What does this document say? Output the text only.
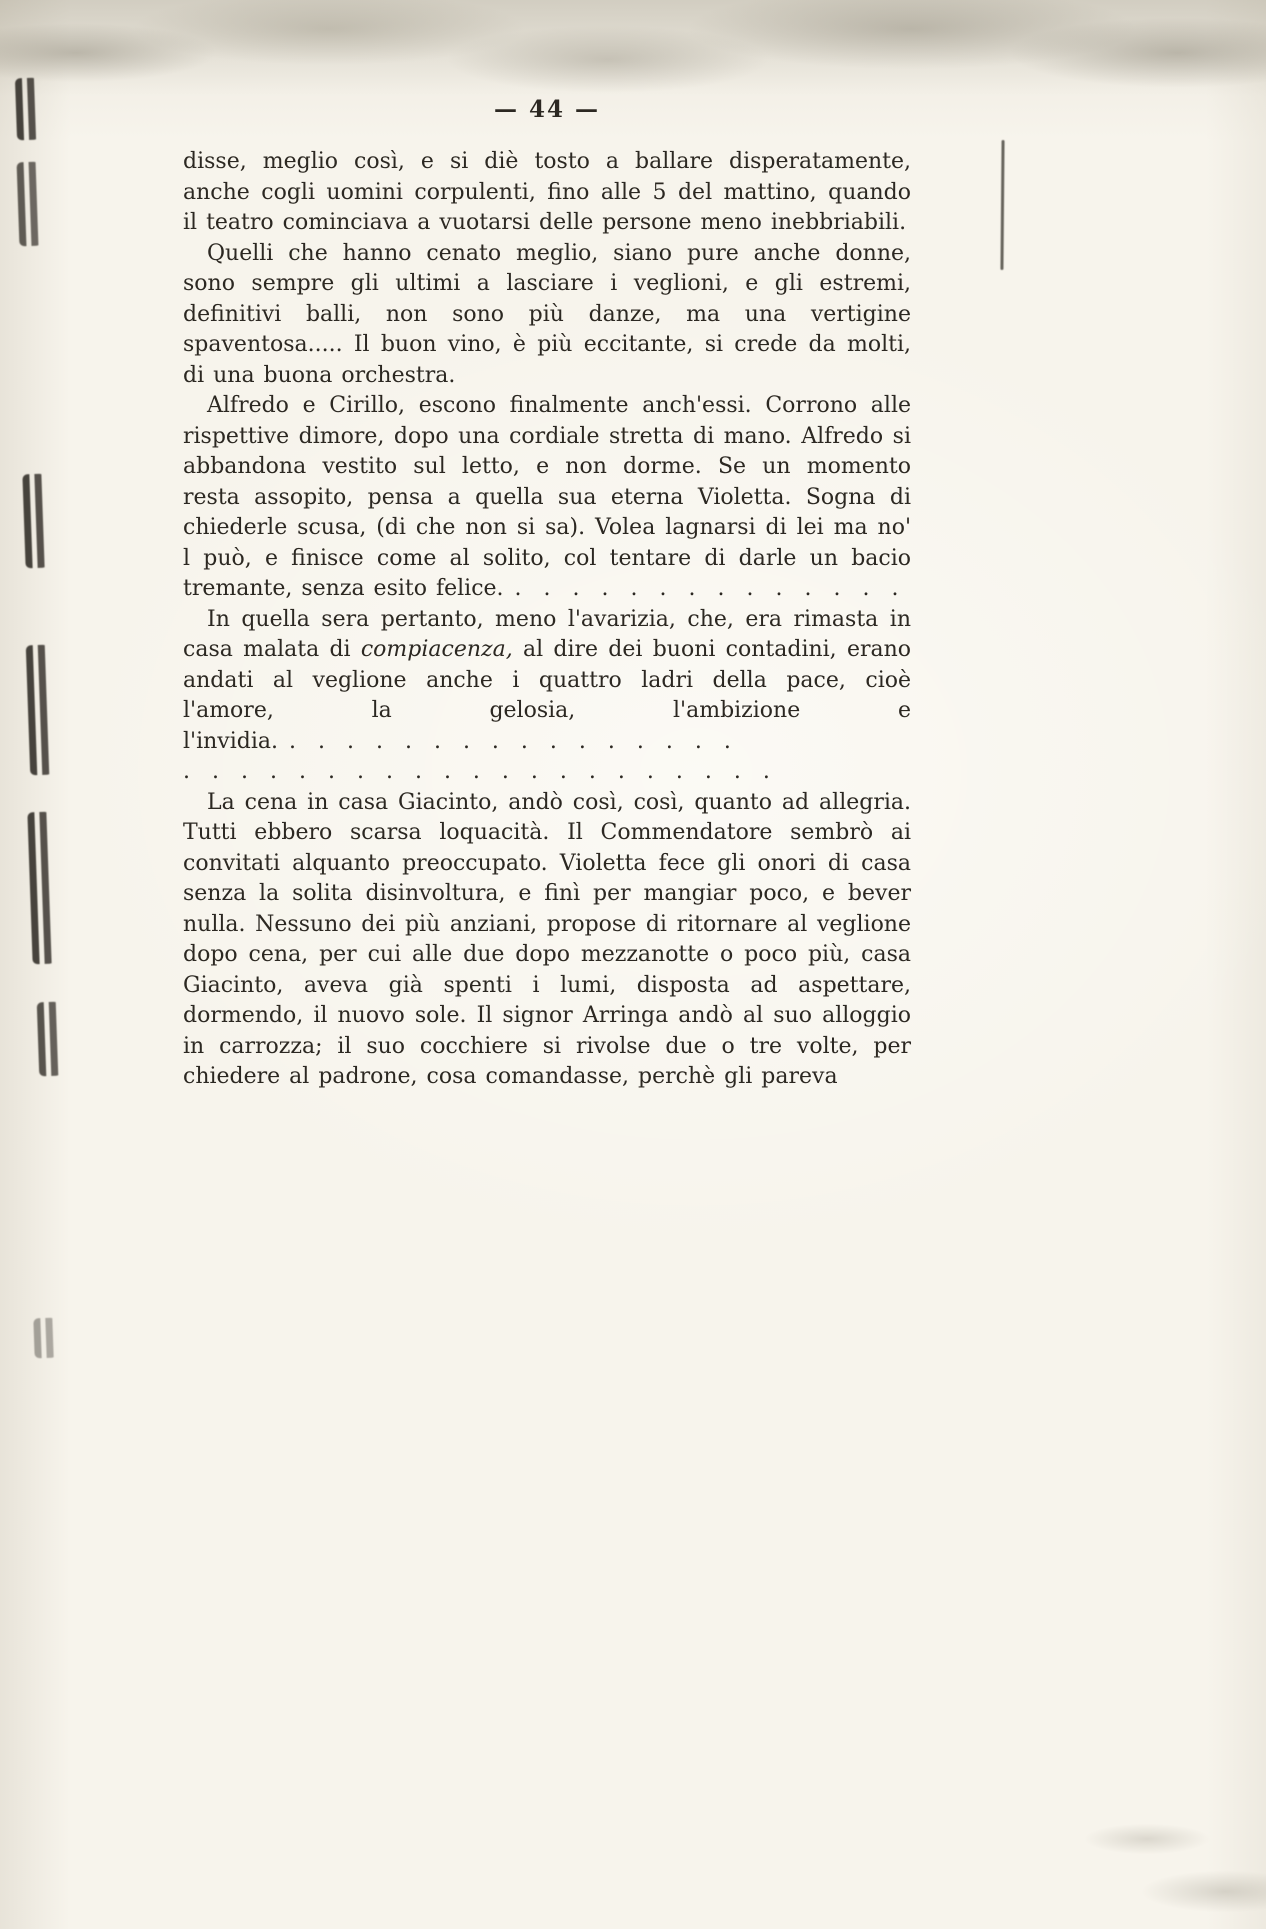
— 44 —

disse, meglio così, e si diè tosto a ballare disperatamente, anche cogli uomini corpulenti, fino alle 5 del mattino, quando il teatro cominciava a vuotarsi delle persone meno inebbriabili.

Quelli che hanno cenato meglio, siano pure anche donne, sono sempre gli ultimi a lasciare i veglioni, e gli estremi, definitivi balli, non sono più danze, ma una vertigine spaventosa..... Il buon vino, è più eccitante, si crede da molti, di una buona orchestra.

Alfredo e Cirillo, escono finalmente anch'essi. Corrono alle rispettive dimore, dopo una cordiale stretta di mano. Alfredo si abbandona vestito sul letto, e non dorme. Se un momento resta assopito, pensa a quella sua eterna Violetta. Sogna di chiederle scusa, (di che non si sa). Volea lagnarsi di lei ma no' l può, e finisce come al solito, col tentare di darle un bacio tremante, senza esito felice. . . . . . . . . . . . . . .

In quella sera pertanto, meno l'avarizia, che, era rimasta in casa malata di compiacenza, al dire dei buoni contadini, erano andati al veglione anche i quattro ladri della pace, cioè l'amore, la gelosia, l'ambizione e l'invidia. . . . . . . . . . . . . . . . .

. . . . . . . . . . . . . . . . . . . . .

La cena in casa Giacinto, andò così, così, quanto ad allegria. Tutti ebbero scarsa loquacità. Il Commendatore sembrò ai convitati alquanto preoccupato. Violetta fece gli onori di casa senza la solita disinvoltura, e finì per mangiar poco, e bever nulla. Nessuno dei più anziani, propose di ritornare al veglione dopo cena, per cui alle due dopo mezzanotte o poco più, casa Giacinto, aveva già spenti i lumi, disposta ad aspettare, dormendo, il nuovo sole. Il signor Arringa andò al suo alloggio in carrozza; il suo cocchiere si rivolse due o tre volte, per chiedere al padrone, cosa comandasse, perchè gli pareva
